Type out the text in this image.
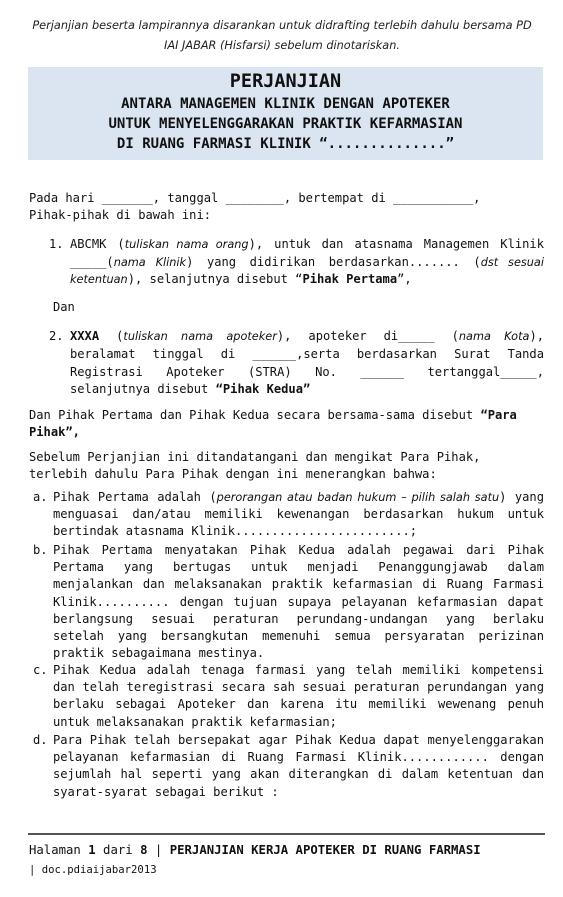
Perjanjian beserta lampirannya disarankan untuk didrafting terlebih dahulu bersama PD
IAI JABAR (Hisfarsi) sebelum dinotariskan.
PERJANJIAN
ANTARA MANAGEMEN KLINIK DENGAN APOTEKER
UNTUK MENYELENGGARAKAN PRAKTIK KEFARMASIAN
DI RUANG FARMASI KLINIK “..............”
Pada hari _______, tanggal ________, bertempat di ___________,
Pihak-pihak di bawah ini:
1. ABCMK (tuliskan nama orang), untuk dan atasnama Managemen Klinik _____(nama Klinik) yang didirikan berdasarkan....... (dst sesuai ketentuan), selanjutnya disebut “Pihak Pertama”,
Dan
2. XXXA (tuliskan nama apoteker), apoteker di_____ (nama Kota), beralamat tinggal di ______,serta berdasarkan Surat Tanda Registrasi Apoteker (STRA) No. ______ tertanggal_____, selanjutnya disebut “Pihak Kedua”
Dan Pihak Pertama dan Pihak Kedua secara bersama-sama disebut “Para Pihak”,
Sebelum Perjanjian ini ditandatangani dan mengikat Para Pihak,
terlebih dahulu Para Pihak dengan ini menerangkan bahwa:
a. Pihak Pertama adalah (perorangan atau badan hukum – pilih salah satu) yang menguasai dan/atau memiliki kewenangan berdasarkan hukum untuk bertindak atasnama Klinik........................;
b. Pihak Pertama menyatakan Pihak Kedua adalah pegawai dari Pihak Pertama yang bertugas untuk menjadi Penanggungjawab dalam menjalankan dan melaksanakan praktik kefarmasian di Ruang Farmasi Klinik.......... dengan tujuan supaya pelayanan kefarmasian dapat berlangsung sesuai peraturan perundang-undangan yang berlaku setelah yang bersangkutan memenuhi semua persyaratan perizinan praktik sebagaimana mestinya.
c. Pihak Kedua adalah tenaga farmasi yang telah memiliki kompetensi dan telah teregistrasi secara sah sesuai peraturan perundangan yang berlaku sebagai Apoteker dan karena itu memiliki wewenang penuh untuk melaksanakan praktik kefarmasian;
d. Para Pihak telah bersepakat agar Pihak Kedua dapat menyelenggarakan pelayanan kefarmasian di Ruang Farmasi Klinik............ dengan sejumlah hal seperti yang akan diterangkan di dalam ketentuan dan syarat-syarat sebagai berikut :
Halaman 1 dari 8 | PERJANJIAN KERJA APOTEKER DI RUANG FARMASI
| doc.pdiaijabar2013
